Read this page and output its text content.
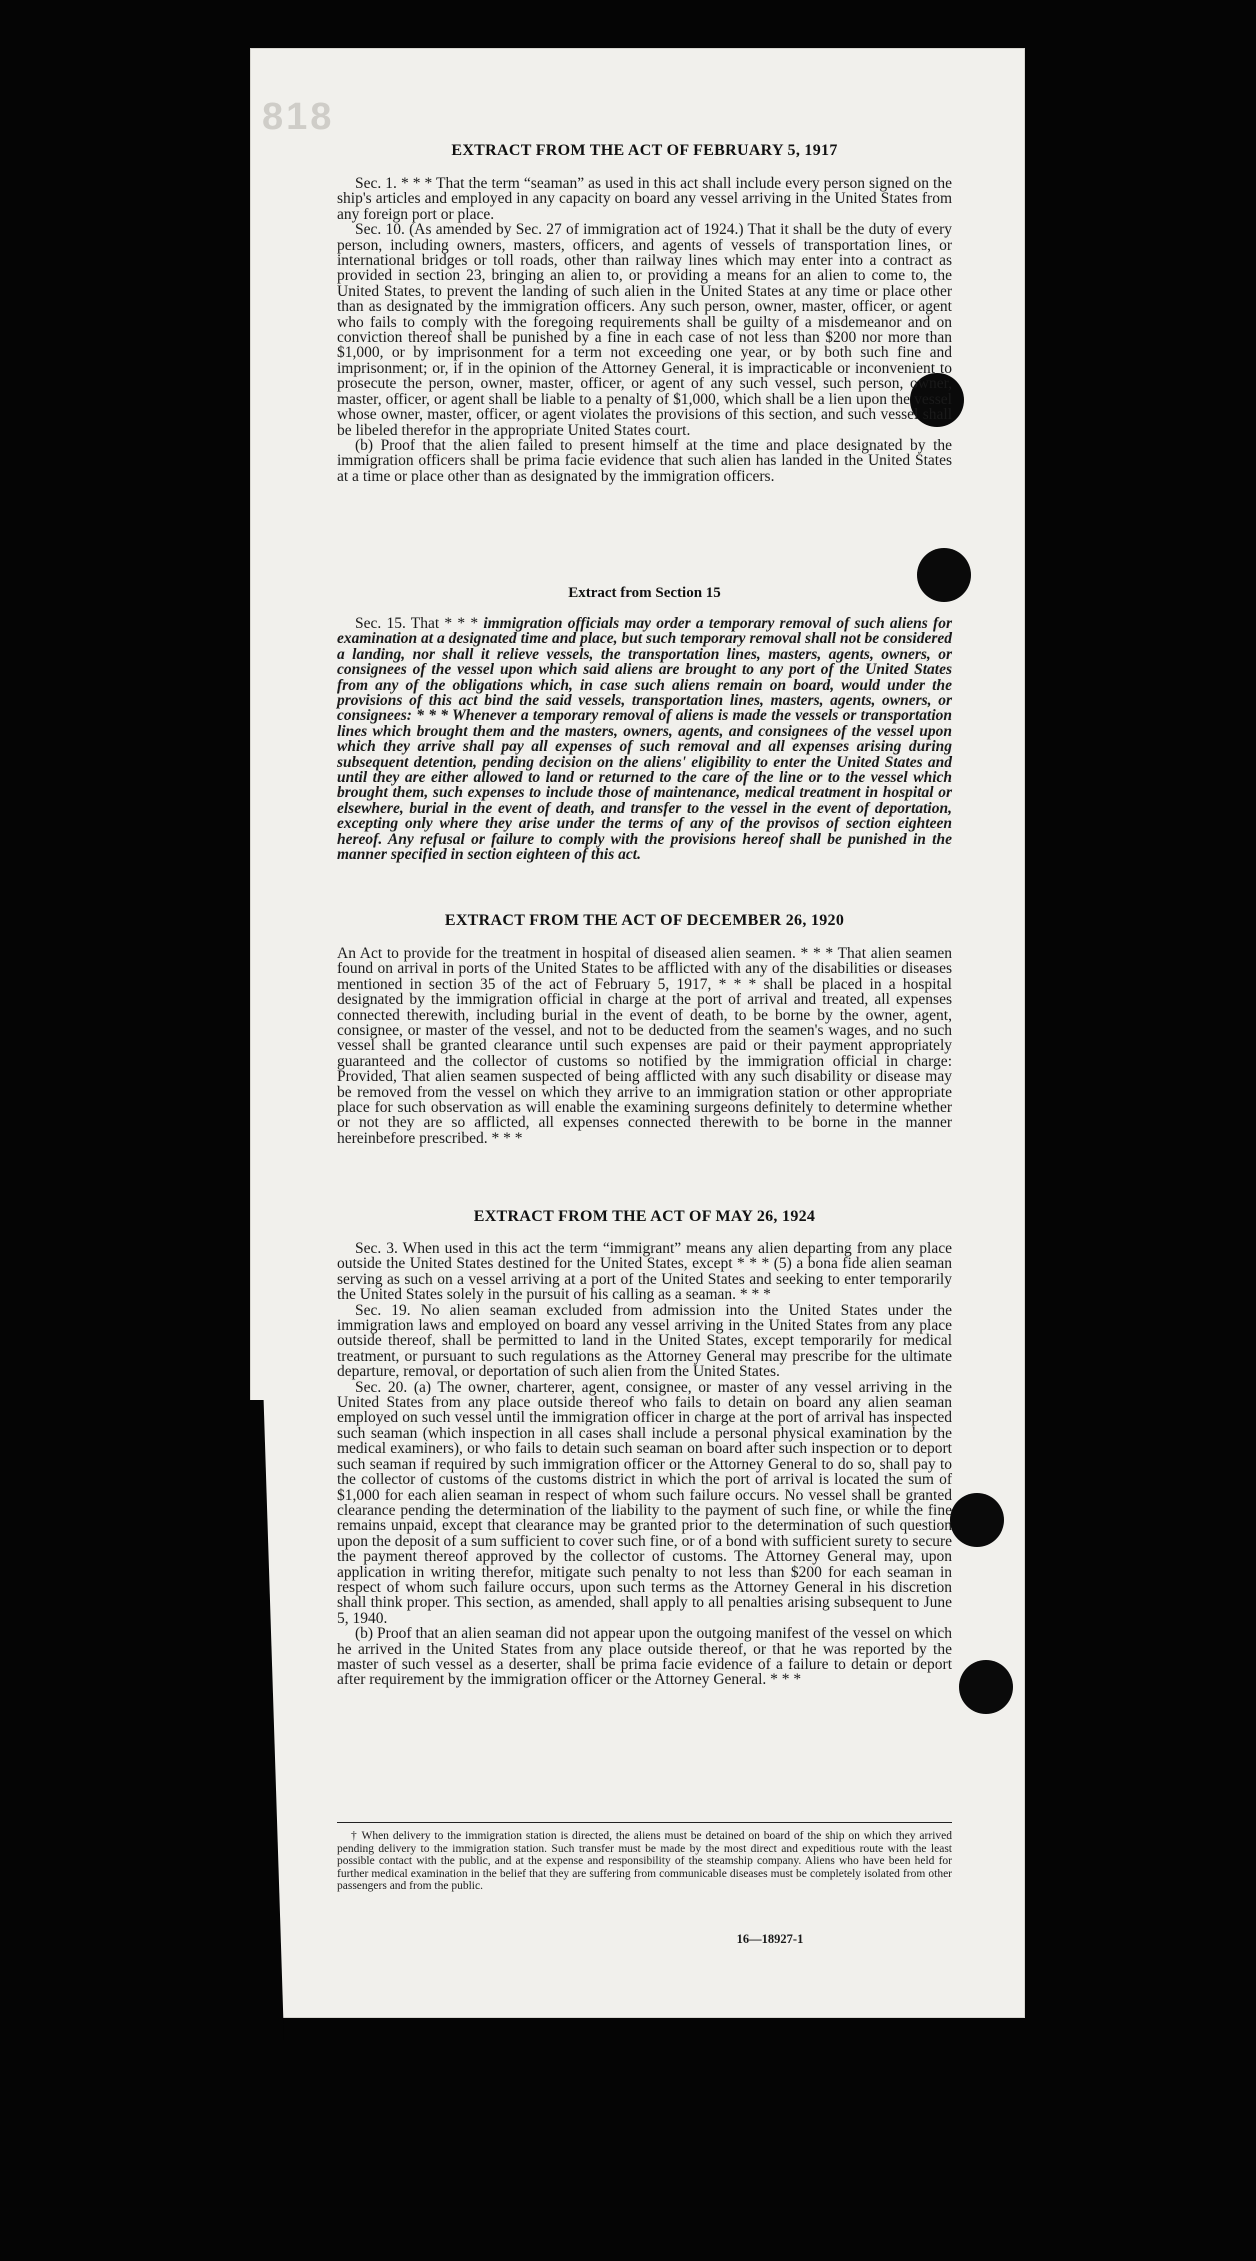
818
EXTRACT FROM THE ACT OF FEBRUARY 5, 1917

Sec. 1. * * * That the term “seaman” as used in this act shall include every person signed on the ship's articles and employed in any capacity on board any vessel arriving in the United States from any foreign port or place.

Sec. 10. (As amended by Sec. 27 of immigration act of 1924.) That it shall be the duty of every person, including owners, masters, officers, and agents of vessels of transportation lines, or international bridges or toll roads, other than railway lines which may enter into a contract as provided in section 23, bringing an alien to, or providing a means for an alien to come to, the United States, to prevent the landing of such alien in the United States at any time or place other than as designated by the immigration officers. Any such person, owner, master, officer, or agent who fails to comply with the foregoing requirements shall be guilty of a misdemeanor and on conviction thereof shall be punished by a fine in each case of not less than $200 nor more than $1,000, or by imprisonment for a term not exceeding one year, or by both such fine and imprisonment; or, if in the opinion of the Attorney General, it is impracticable or inconvenient to prosecute the person, owner, master, officer, or agent of any such vessel, such person, owner, master, officer, or agent shall be liable to a penalty of $1,000, which shall be a lien upon the vessel whose owner, master, officer, or agent violates the provisions of this section, and such vessel shall be libeled therefor in the appropriate United States court.

(b) Proof that the alien failed to present himself at the time and place designated by the immigration officers shall be prima facie evidence that such alien has landed in the United States at a time or place other than as designated by the immigration officers.

Extract from Section 15

Sec. 15. That * * * immigration officials may order a temporary removal of such aliens for examination at a designated time and place, but such temporary removal shall not be considered a landing, nor shall it relieve vessels, the transportation lines, masters, agents, owners, or consignees of the vessel upon which said aliens are brought to any port of the United States from any of the obligations which, in case such aliens remain on board, would under the provisions of this act bind the said vessels, transportation lines, masters, agents, owners, or consignees: * * * Whenever a temporary removal of aliens is made the vessels or transportation lines which brought them and the masters, owners, agents, and consignees of the vessel upon which they arrive shall pay all expenses of such removal and all expenses arising during subsequent detention, pending decision on the aliens' eligibility to enter the United States and until they are either allowed to land or returned to the care of the line or to the vessel which brought them, such expenses to include those of maintenance, medical treatment in hospital or elsewhere, burial in the event of death, and transfer to the vessel in the event of deportation, excepting only where they arise under the terms of any of the provisos of section eighteen hereof. Any refusal or failure to comply with the provisions hereof shall be punished in the manner specified in section eighteen of this act.

EXTRACT FROM THE ACT OF DECEMBER 26, 1920

An Act to provide for the treatment in hospital of diseased alien seamen. * * * That alien seamen found on arrival in ports of the United States to be afflicted with any of the disabilities or diseases mentioned in section 35 of the act of February 5, 1917, * * * shall be placed in a hospital designated by the immigration official in charge at the port of arrival and treated, all expenses connected therewith, including burial in the event of death, to be borne by the owner, agent, consignee, or master of the vessel, and not to be deducted from the seamen's wages, and no such vessel shall be granted clearance until such expenses are paid or their payment appropriately guaranteed and the collector of customs so notified by the immigration official in charge: Provided, That alien seamen suspected of being afflicted with any such disability or disease may be removed from the vessel on which they arrive to an immigration station or other appropriate place for such observation as will enable the examining surgeons definitely to determine whether or not they are so afflicted, all expenses connected therewith to be borne in the manner hereinbefore prescribed. * * *

EXTRACT FROM THE ACT OF MAY 26, 1924

Sec. 3. When used in this act the term “immigrant” means any alien departing from any place outside the United States destined for the United States, except * * * (5) a bona fide alien seaman serving as such on a vessel arriving at a port of the United States and seeking to enter temporarily the United States solely in the pursuit of his calling as a seaman. * * *

Sec. 19. No alien seaman excluded from admission into the United States under the immigration laws and employed on board any vessel arriving in the United States from any place outside thereof, shall be permitted to land in the United States, except temporarily for medical treatment, or pursuant to such regulations as the Attorney General may prescribe for the ultimate departure, removal, or deportation of such alien from the United States.

Sec. 20. (a) The owner, charterer, agent, consignee, or master of any vessel arriving in the United States from any place outside thereof who fails to detain on board any alien seaman employed on such vessel until the immigration officer in charge at the port of arrival has inspected such seaman (which inspection in all cases shall include a personal physical examination by the medical examiners), or who fails to detain such seaman on board after such inspection or to deport such seaman if required by such immigration officer or the Attorney General to do so, shall pay to the collector of customs of the customs district in which the port of arrival is located the sum of $1,000 for each alien seaman in respect of whom such failure occurs. No vessel shall be granted clearance pending the determination of the liability to the payment of such fine, or while the fine remains unpaid, except that clearance may be granted prior to the determination of such question upon the deposit of a sum sufficient to cover such fine, or of a bond with sufficient surety to secure the payment thereof approved by the collector of customs. The Attorney General may, upon application in writing therefor, mitigate such penalty to not less than $200 for each seaman in respect of whom such failure occurs, upon such terms as the Attorney General in his discretion shall think proper. This section, as amended, shall apply to all penalties arising subsequent to June 5, 1940.

(b) Proof that an alien seaman did not appear upon the outgoing manifest of the vessel on which he arrived in the United States from any place outside thereof, or that he was reported by the master of such vessel as a deserter, shall be prima facie evidence of a failure to detain or deport after requirement by the immigration officer or the Attorney General. * * *

† When delivery to the immigration station is directed, the aliens must be detained on board of the ship on which they arrived pending delivery to the immigration station. Such transfer must be made by the most direct and expeditious route with the least possible contact with the public, and at the expense and responsibility of the steamship company. Aliens who have been held for further medical examination in the belief that they are suffering from communicable diseases must be completely isolated from other passengers and from the public.
16—18927-1
